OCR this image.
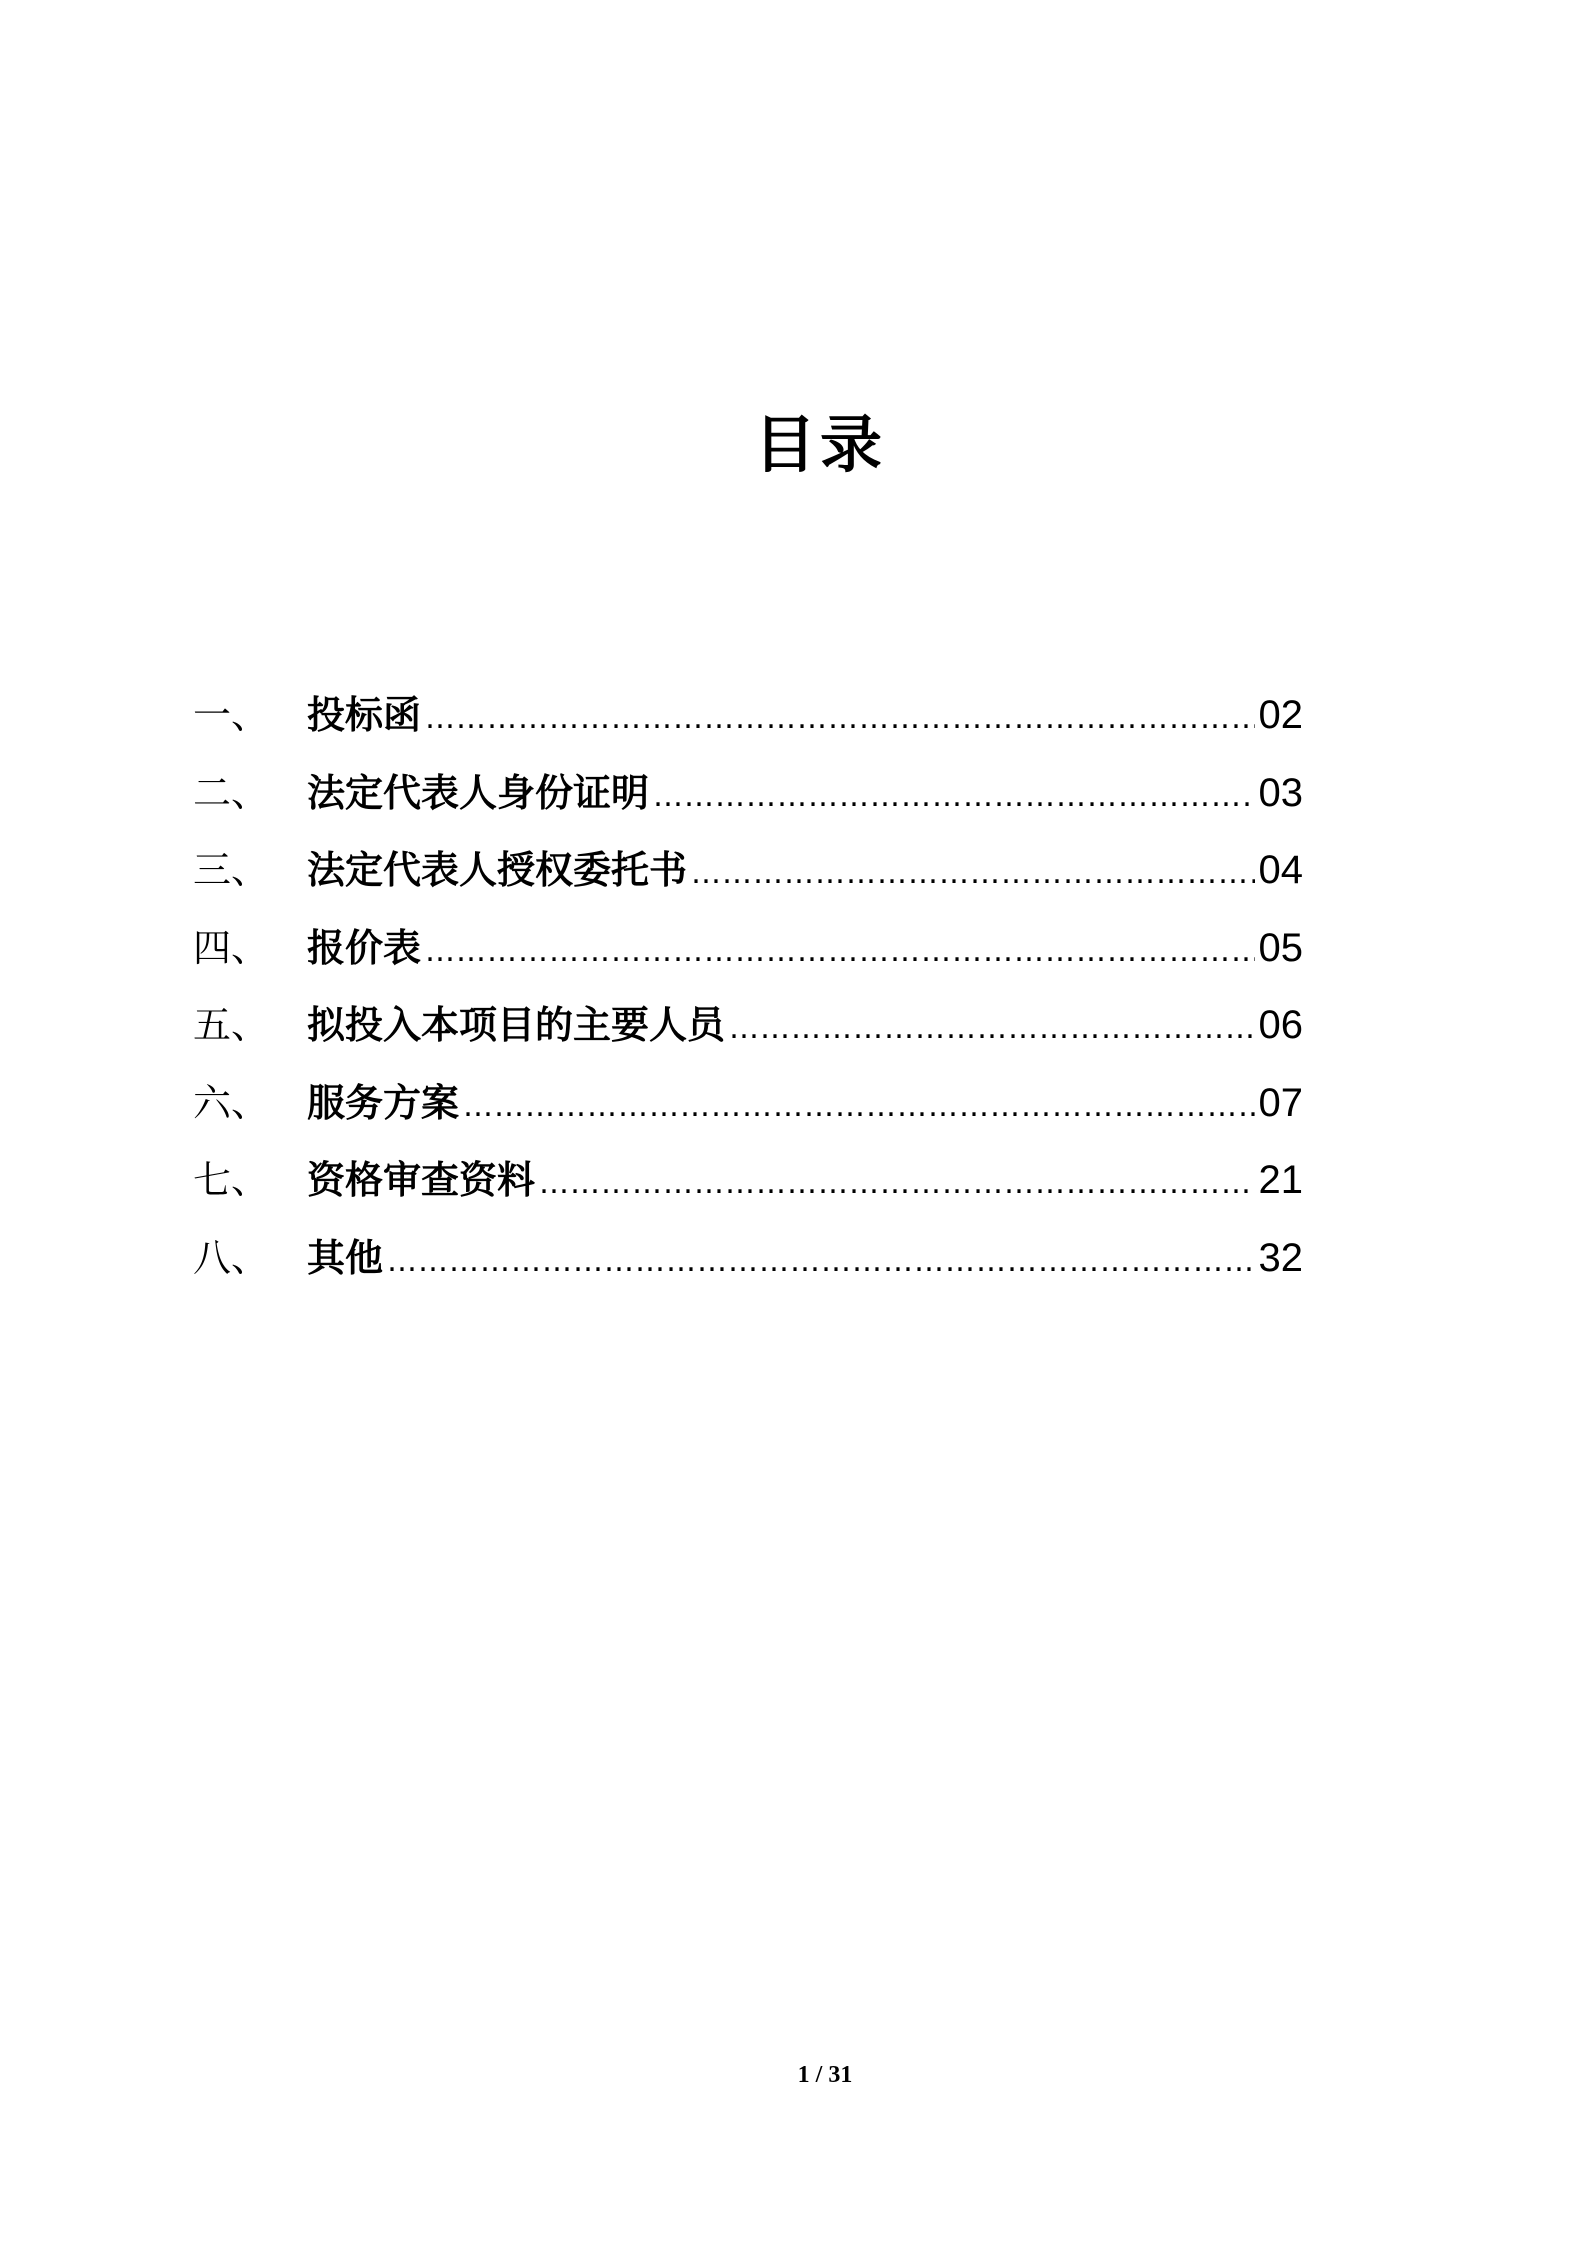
目录
一、 投标函 …………………………………………………………………………………………………………………………………………………………………………………………………………………………	02
二、 法定代表人身份证明 …………………………………………………………………………………………………………………………………………………………………………………………………………………………	03
三、 法定代表人授权委托书 …………………………………………………………………………………………………………………………………………………………………………………………………………………………	04
四、 报价表 …………………………………………………………………………………………………………………………………………………………………………………………………………………………	05
五、 拟投入本项目的主要人员 …………………………………………………………………………………………………………………………………………………………………………………………………………………………	06
六、 服务方案 …………………………………………………………………………………………………………………………………………………………………………………………………………………………	07
七、 资格审查资料 …………………………………………………………………………………………………………………………………………………………………………………………………………………………	21
八、 其他 …………………………………………………………………………………………………………………………………………………………………………………………………………………………	32
1 / 31
